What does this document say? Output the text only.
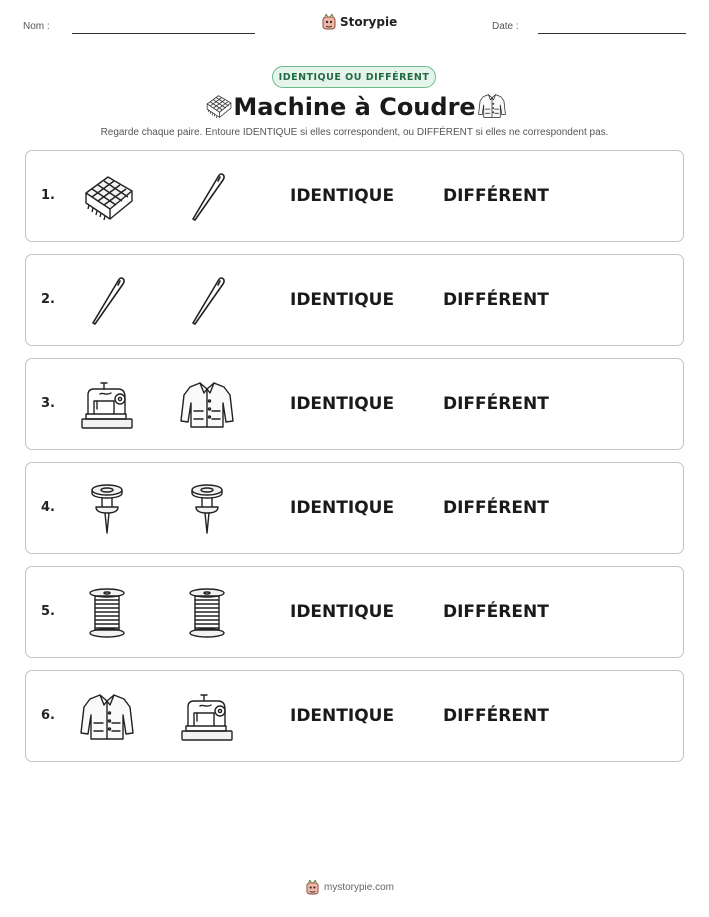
Nom :	Storypie	Date :
IDENTIQUE OU DIFFÉRENT
Machine à Coudre
Regarde chaque paire. Entoure IDENTIQUE si elles correspondent, ou DIFFÉRENT si elles ne correspondent pas.
1.	IDENTIQUE	DIFFÉRENT
2.	IDENTIQUE	DIFFÉRENT
3.	IDENTIQUE	DIFFÉRENT
4.	IDENTIQUE	DIFFÉRENT
5.	IDENTIQUE	DIFFÉRENT
6.	IDENTIQUE	DIFFÉRENT
mystorypie.com
